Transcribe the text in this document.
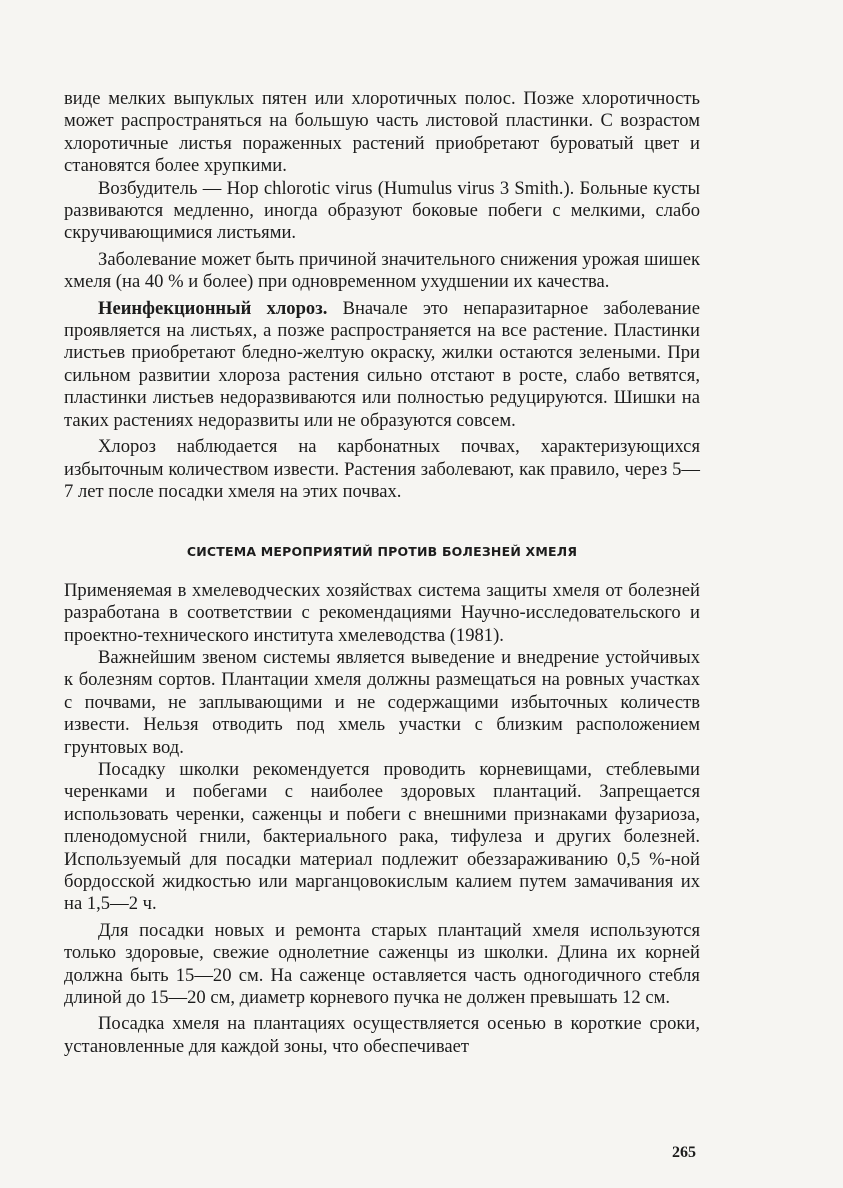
виде мелких выпуклых пятен или хлоротичных полос. Позже хлоротичность может распространяться на большую часть листовой пластинки. С возрастом хлоротичные листья пораженных растений приобретают буроватый цвет и становятся более хрупкими.

Возбудитель — Hop chlorotic virus (Humulus virus 3 Smith.). Больные кусты развиваются медленно, иногда образуют боковые побеги с мелкими, слабо скручивающимися листьями.

Заболевание может быть причиной значительного снижения урожая шишек хмеля (на 40 % и более) при одновременном ухудшении их качества.

Неинфекционный хлороз. Вначале это непаразитарное заболевание проявляется на листьях, а позже распространяется на все растение. Пластинки листьев приобретают бледно-желтую окраску, жилки остаются зелеными. При сильном развитии хлороза растения сильно отстают в росте, слабо ветвятся, пластинки листьев недоразвиваются или полностью редуцируются. Шишки на таких растениях недоразвиты или не образуются совсем.

Хлороз наблюдается на карбонатных почвах, характеризующихся избыточным количеством извести. Растения заболевают, как правило, через 5—7 лет после посадки хмеля на этих почвах.

СИСТЕМА МЕРОПРИЯТИЙ ПРОТИВ БОЛЕЗНЕЙ ХМЕЛЯ

Применяемая в хмелеводческих хозяйствах система защиты хмеля от болезней разработана в соответствии с рекомендациями Научно-исследовательского и проектно-технического института хмелеводства (1981).

Важнейшим звеном системы является выведение и внедрение устойчивых к болезням сортов. Плантации хмеля должны размещаться на ровных участках с почвами, не заплывающими и не содержащими избыточных количеств извести. Нельзя отводить под хмель участки с близким расположением грунтовых вод.

Посадку школки рекомендуется проводить корневищами, стеблевыми черенками и побегами с наиболее здоровых плантаций. Запрещается использовать черенки, саженцы и побеги с внешними признаками фузариоза, пленодомусной гнили, бактериального рака, тифулеза и других болезней. Используемый для посадки материал подлежит обеззараживанию 0,5 %-ной бордосской жидкостью или марганцовокислым калием путем замачивания их на 1,5—2 ч.

Для посадки новых и ремонта старых плантаций хмеля используются только здоровые, свежие однолетние саженцы из школки. Длина их корней должна быть 15—20 см. На саженце оставляется часть одногодичного стебля длиной до 15—20 см, диаметр корневого пучка не должен превышать 12 см.

Посадка хмеля на плантациях осуществляется осенью в короткие сроки, установленные для каждой зоны, что обеспечивает

265
